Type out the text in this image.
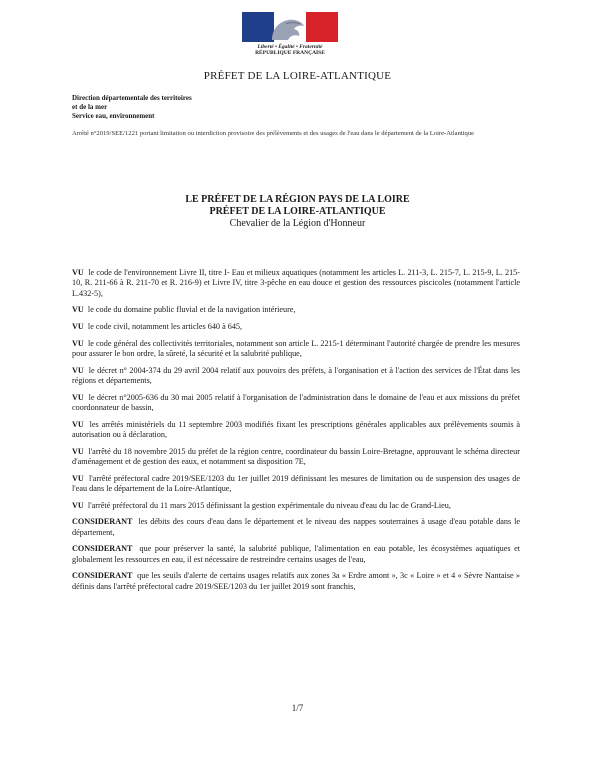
Liberté • Égalité • Fraternité
RÉPUBLIQUE FRANÇAISE
PRÉFET DE LA LOIRE-ATLANTIQUE
Direction départementale des territoires
et de la mer
Service eau, environnement
Arrêté n°2019/SEE/1221 portant limitation ou interdiction provisoire des prélèvements et des usages de l'eau dans le département de la Loire-Atlantique
LE PRÉFET DE LA RÉGION PAYS DE LA LOIRE
PRÉFET DE LA LOIRE-ATLANTIQUE
Chevalier de la Légion d'Honneur

VU le code de l'environnement Livre II, titre I- Eau et milieux aquatiques (notamment les articles L. 211-3, L. 215-7, L. 215-9, L. 215-10, R. 211-66 à R. 211-70 et R. 216-9) et Livre IV, titre 3-pêche en eau douce et gestion des ressources piscicoles (notamment l'article L.432-5),

VU le code du domaine public fluvial et de la navigation intérieure,

VU le code civil, notamment les articles 640 à 645,

VU le code général des collectivités territoriales, notamment son article L. 2215-1 déterminant l'autorité chargée de prendre les mesures pour assurer le bon ordre, la sûreté, la sécurité et la salubrité publique,

VU le décret n° 2004-374 du 29 avril 2004 relatif aux pouvoirs des préfets, à l'organisation et à l'action des services de l'État dans les régions et départements,

VU le décret n°2005-636 du 30 mai 2005 relatif à l'organisation de l'administration dans le domaine de l'eau et aux missions du préfet coordonnateur de bassin,

VU les arrêtés ministériels du 11 septembre 2003 modifiés fixant les prescriptions générales applicables aux prélèvements soumis à autorisation ou à déclaration,

VU l'arrêté du 18 novembre 2015 du préfet de la région centre, coordinateur du bassin Loire-Bretagne, approuvant le schéma directeur d'aménagement et de gestion des eaux, et notamment sa disposition 7E,

VU l'arrêté préfectoral cadre 2019/SEE/1203 du 1er juillet 2019 définissant les mesures de limitation ou de suspension des usages de l'eau dans le département de la Loire-Atlantique,

VU l'arrêté préfectoral du 11 mars 2015 définissant la gestion expérimentale du niveau d'eau du lac de Grand-Lieu,

CONSIDERANT les débits des cours d'eau dans le département et le niveau des nappes souterraines à usage d'eau potable dans le département,

CONSIDERANT que pour préserver la santé, la salubrité publique, l'alimentation en eau potable, les écosystèmes aquatiques et globalement les ressources en eau, il est nécessaire de restreindre certains usages de l'eau,

CONSIDERANT que les seuils d'alerte de certains usages relatifs aux zones 3a « Erdre amont », 3c « Loire » et 4 « Sèvre Nantaise » définis dans l'arrêté préfectoral cadre 2019/SEE/1203 du 1er juillet 2019 sont franchis,

1/7
